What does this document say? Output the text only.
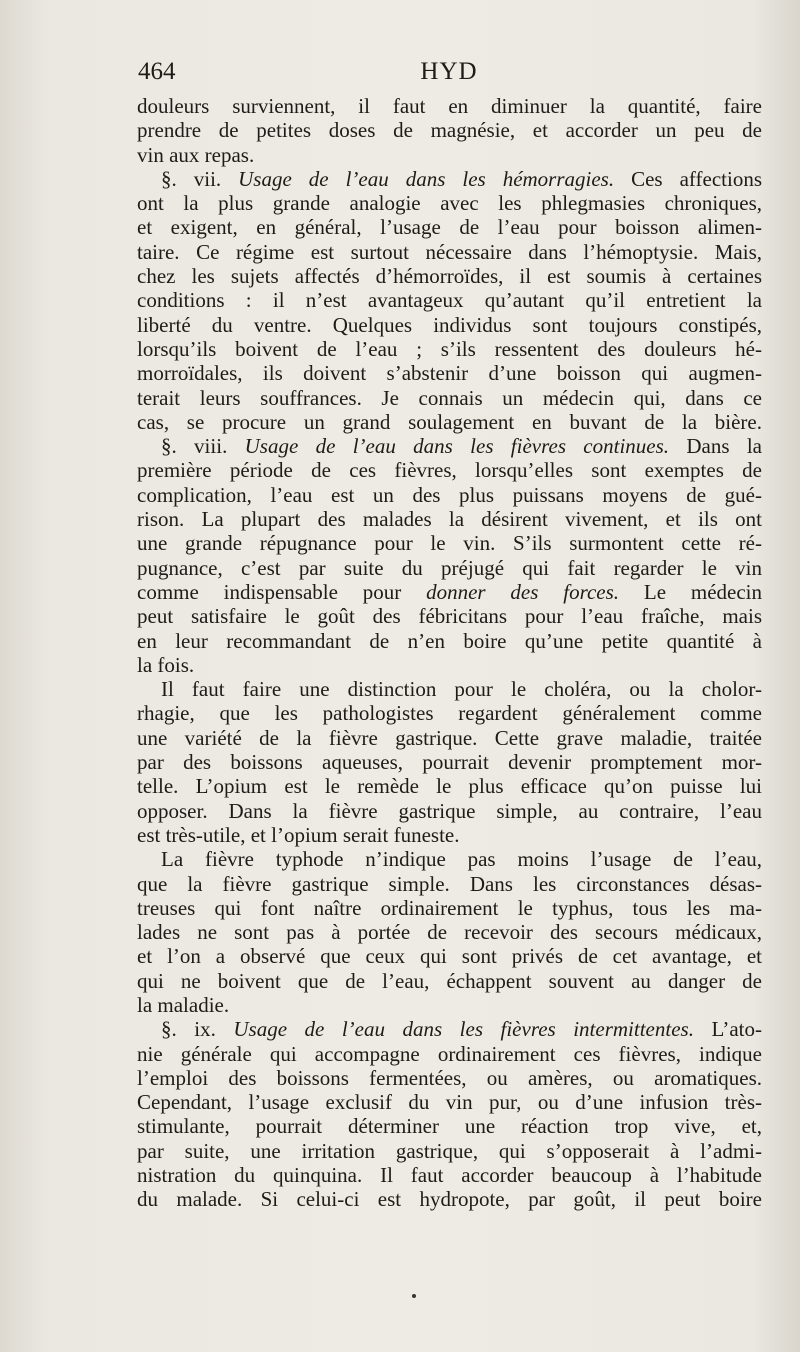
464	HYD
douleurs surviennent, il faut en diminuer la quantité, faire
prendre de petites doses de magnésie, et accorder un peu de
vin aux repas.
§. vii. Usage de l’eau dans les hémorragies. Ces affections
ont la plus grande analogie avec les phlegmasies chroniques,
et exigent, en général, l’usage de l’eau pour boisson alimen-
taire. Ce régime est surtout nécessaire dans l’hémoptysie. Mais,
chez les sujets affectés d’hémorroïdes, il est soumis à certaines
conditions : il n’est avantageux qu’autant qu’il entretient la
liberté du ventre. Quelques individus sont toujours constipés,
lorsqu’ils boivent de l’eau ; s’ils ressentent des douleurs hé-
morroïdales, ils doivent s’abstenir d’une boisson qui augmen-
terait leurs souffrances. Je connais un médecin qui, dans ce
cas, se procure un grand soulagement en buvant de la bière.
§. viii. Usage de l’eau dans les fièvres continues. Dans la
première période de ces fièvres, lorsqu’elles sont exemptes de
complication, l’eau est un des plus puissans moyens de gué-
rison. La plupart des malades la désirent vivement, et ils ont
une grande répugnance pour le vin. S’ils surmontent cette ré-
pugnance, c’est par suite du préjugé qui fait regarder le vin
comme indispensable pour donner des forces. Le médecin
peut satisfaire le goût des fébricitans pour l’eau fraîche, mais
en leur recommandant de n’en boire qu’une petite quantité à
la fois.
Il faut faire une distinction pour le choléra, ou la cholor-
rhagie, que les pathologistes regardent généralement comme
une variété de la fièvre gastrique. Cette grave maladie, traitée
par des boissons aqueuses, pourrait devenir promptement mor-
telle. L’opium est le remède le plus efficace qu’on puisse lui
opposer. Dans la fièvre gastrique simple, au contraire, l’eau
est très-utile, et l’opium serait funeste.
La fièvre typhode n’indique pas moins l’usage de l’eau,
que la fièvre gastrique simple. Dans les circonstances désas-
treuses qui font naître ordinairement le typhus, tous les ma-
lades ne sont pas à portée de recevoir des secours médicaux,
et l’on a observé que ceux qui sont privés de cet avantage, et
qui ne boivent que de l’eau, échappent souvent au danger de
la maladie.
§. ix. Usage de l’eau dans les fièvres intermittentes. L’ato-
nie générale qui accompagne ordinairement ces fièvres, indique
l’emploi des boissons fermentées, ou amères, ou aromatiques.
Cependant, l’usage exclusif du vin pur, ou d’une infusion très-
stimulante, pourrait déterminer une réaction trop vive, et,
par suite, une irritation gastrique, qui s’opposerait à l’admi-
nistration du quinquina. Il faut accorder beaucoup à l’habitude
du malade. Si celui-ci est hydropote, par goût, il peut boire
